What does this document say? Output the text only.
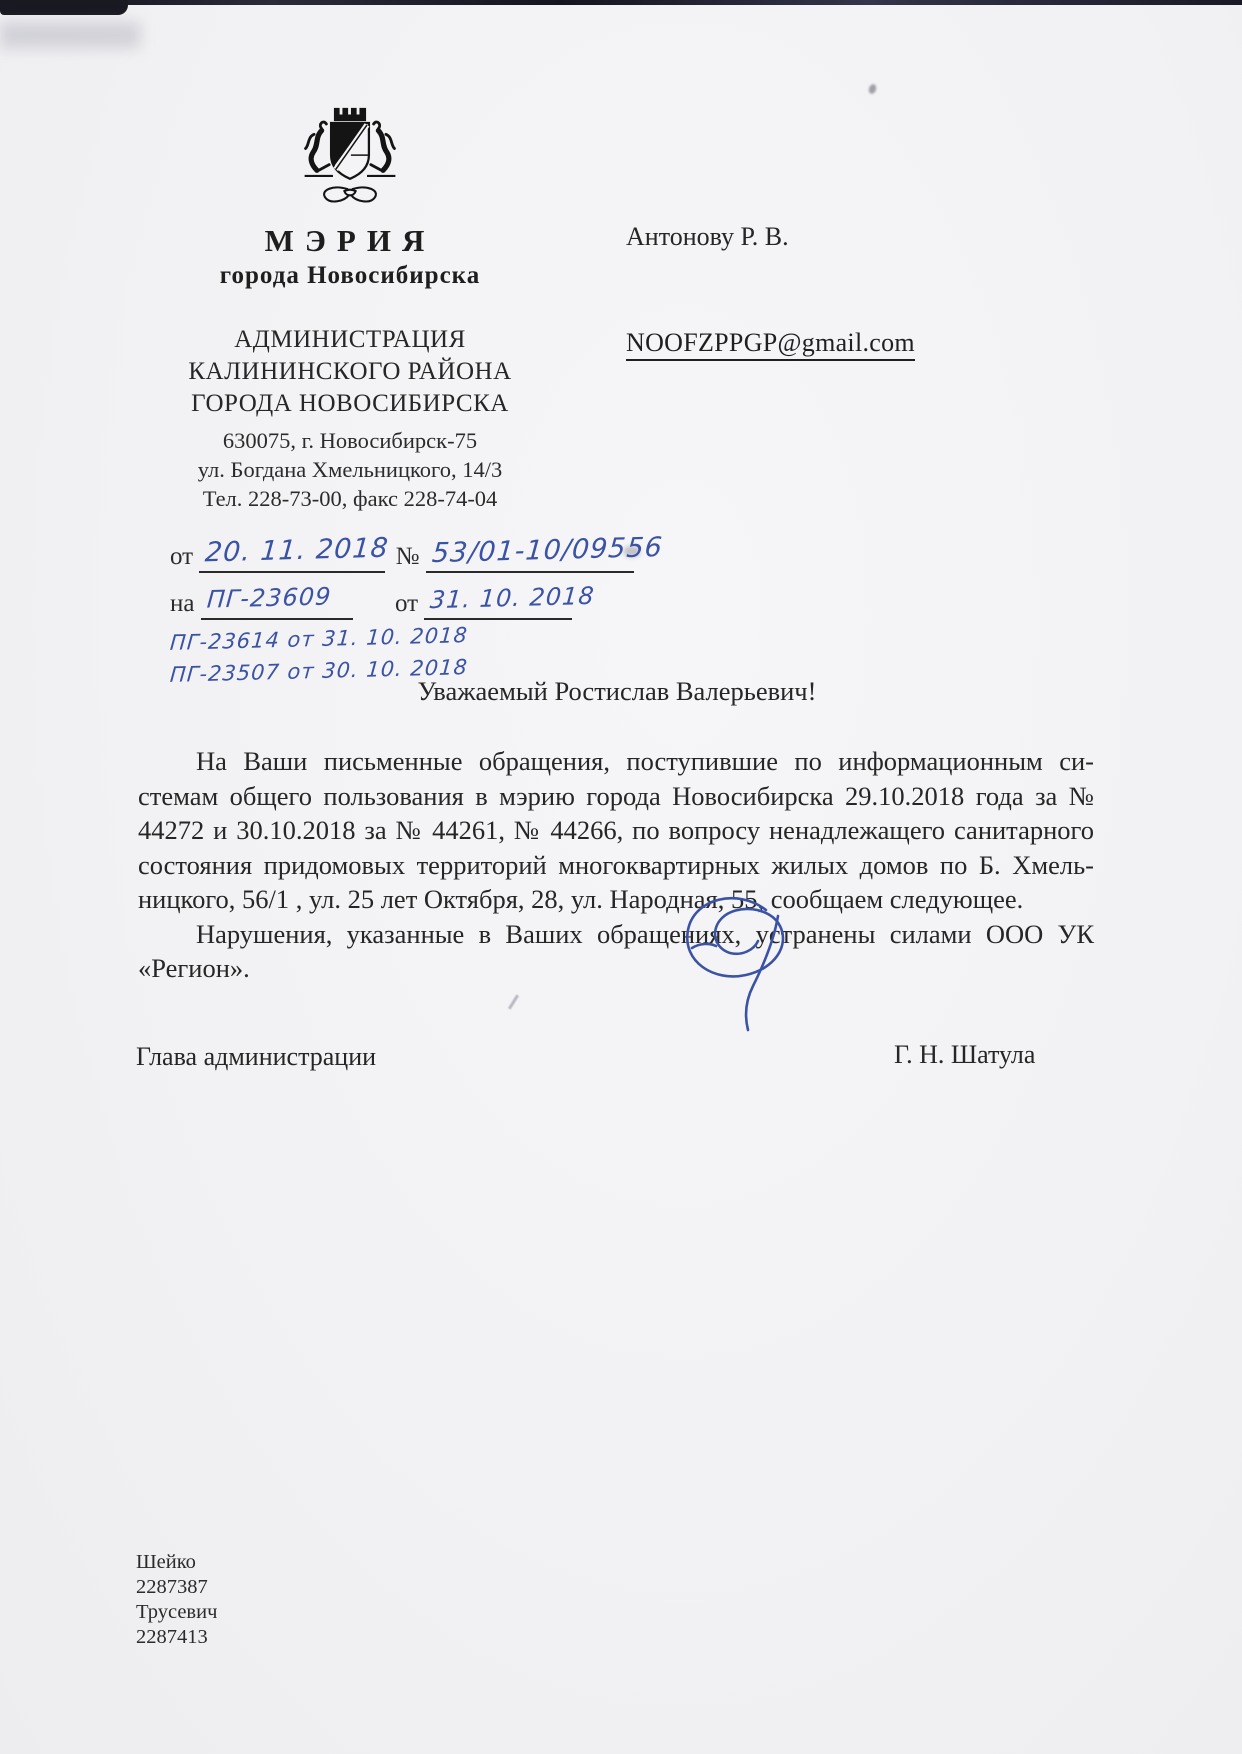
МЭРИЯ
города Новосибирска
АДМИНИСТРАЦИЯ
КАЛИНИНСКОГО РАЙОНА
ГОРОДА НОВОСИБИРСКА
630075, г. Новосибирск-75
ул. Богдана Хмельницкого, 14/3
Тел. 228-73-00, факс 228-74-04
Антонову Р. В.
NOOFZPPGP@gmail.com
от 20. 11. 2018 № 53/01-10/09556
на ПГ-23609	от 31. 10. 2018
ПГ-23614 от 31. 10. 2018
ПГ-23507 от 30. 10. 2018
Уважаемый Ростислав Валерьевич!
На Ваши письменные обращения, поступившие по информационным си-
стемам общего пользования в мэрию города Новосибирска 29.10.2018 года за №
44272 и 30.10.2018 за № 44261, № 44266, по вопросу ненадлежащего санитарного
состояния придомовых территорий многоквартирных жилых домов по Б. Хмель-
ницкого, 56/1 , ул. 25 лет Октября, 28, ул. Народная, 55, сообщаем следующее.
Нарушения, указанные в Ваших обращениях, устранены силами ООО УК
«Регион».
Глава администрации	Г. Н. Шатула
Шейко
2287387
Трусевич
2287413
